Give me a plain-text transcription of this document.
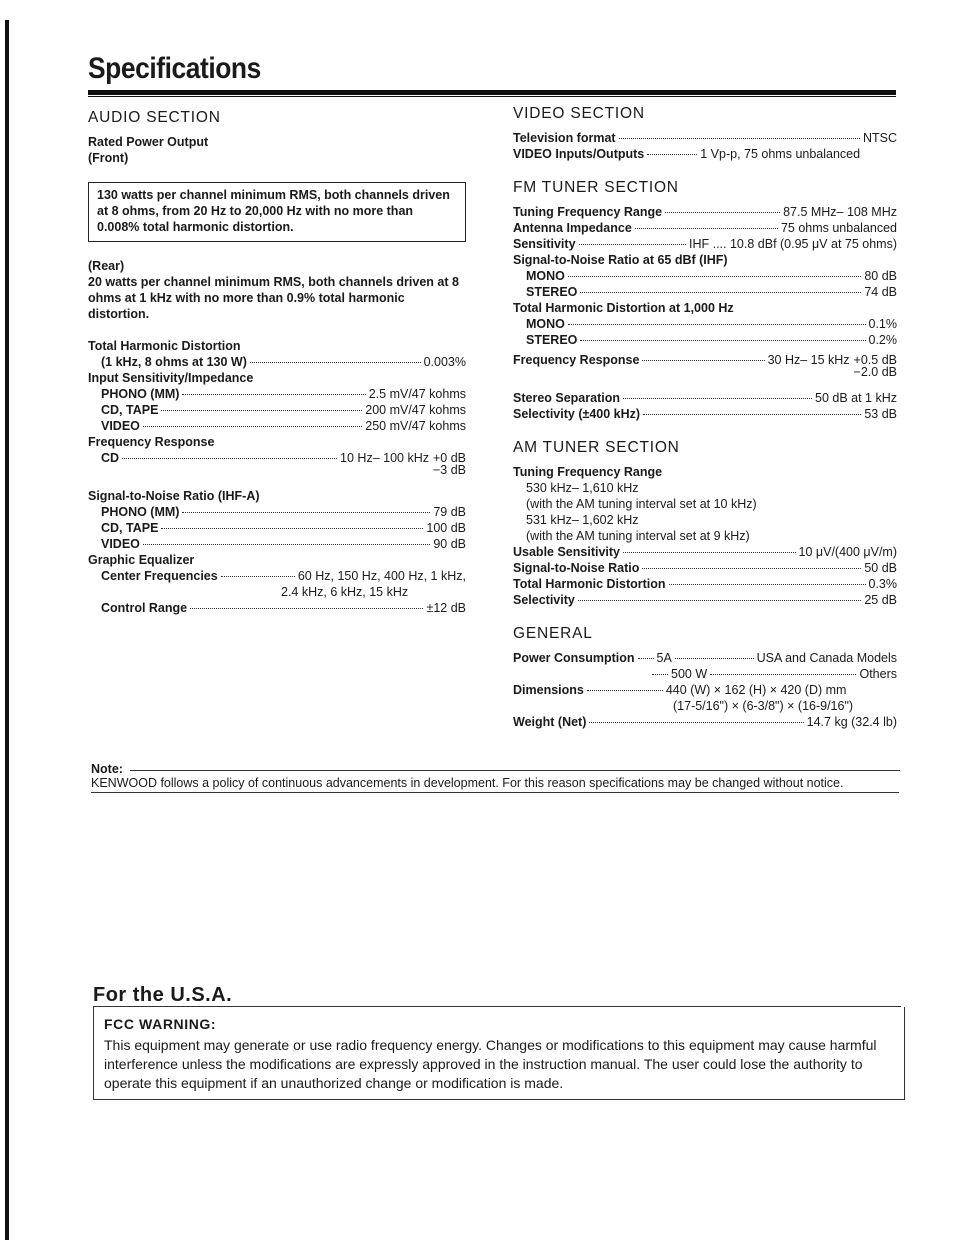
Specifications
AUDIO SECTION
Rated Power Output
(Front)
130 watts per channel minimum RMS, both channels driven at 8 ohms, from 20 Hz to 20,000 Hz with no more than 0.008% total harmonic distortion.
(Rear)
20 watts per channel minimum RMS, both channels driven at 8 ohms at 1 kHz with no more than 0.9% total harmonic distortion.
Total Harmonic Distortion
(1 kHz, 8 ohms at 130 W)	0.003%
Input Sensitivity/Impedance
PHONO (MM)	2.5 mV/47 kohms
CD, TAPE	200 mV/47 kohms
VIDEO	250 mV/47 kohms
Frequency Response
CD	10 Hz– 100 kHz +0 dB
−3 dB
Signal-to-Noise Ratio (IHF-A)
PHONO (MM)	79 dB
CD, TAPE	100 dB
VIDEO	90 dB
Graphic Equalizer
Center Frequencies	60 Hz, 150 Hz, 400 Hz, 1 kHz,
2.4 kHz, 6 kHz, 15 kHz
Control Range	±12 dB
VIDEO SECTION
Television format	NTSC
VIDEO Inputs/Outputs	1 Vp-p, 75 ohms unbalanced
FM TUNER SECTION
Tuning Frequency Range	87.5 MHz– 108 MHz
Antenna Impedance	75 ohms unbalanced
Sensitivity	IHF .... 10.8 dBf (0.95 μV at 75 ohms)
Signal-to-Noise Ratio at 65 dBf (IHF)
MONO	80 dB
STEREO	74 dB
Total Harmonic Distortion at 1,000 Hz
MONO	0.1%
STEREO	0.2%
Frequency Response	30 Hz– 15 kHz +0.5 dB
−2.0 dB
Stereo Separation	50 dB at 1 kHz
Selectivity (±400 kHz)	53 dB
AM TUNER SECTION
Tuning Frequency Range
530 kHz– 1,610 kHz
(with the AM tuning interval set at 10 kHz)
531 kHz– 1,602 kHz
(with the AM tuning interval set at 9 kHz)
Usable Sensitivity	10 μV/(400 μV/m)
Signal-to-Noise Ratio	50 dB
Total Harmonic Distortion	0.3%
Selectivity	25 dB
GENERAL
Power Consumption 5A	USA and Canada Models
500 W	Others
Dimensions	440 (W) × 162 (H) × 420 (D) mm
(17-5/16") × (6-3/8") × (16-9/16")
Weight (Net)	14.7 kg (32.4 lb)
Note:
KENWOOD follows a policy of continuous advancements in development. For this reason specifications may be changed without notice.
For the U.S.A.
FCC WARNING:
This equipment may generate or use radio frequency energy. Changes or modifications to this equipment may cause harmful interference unless the modifications are expressly approved in the instruction manual. The user could lose the authority to operate this equipment if an unauthorized change or modification is made.
